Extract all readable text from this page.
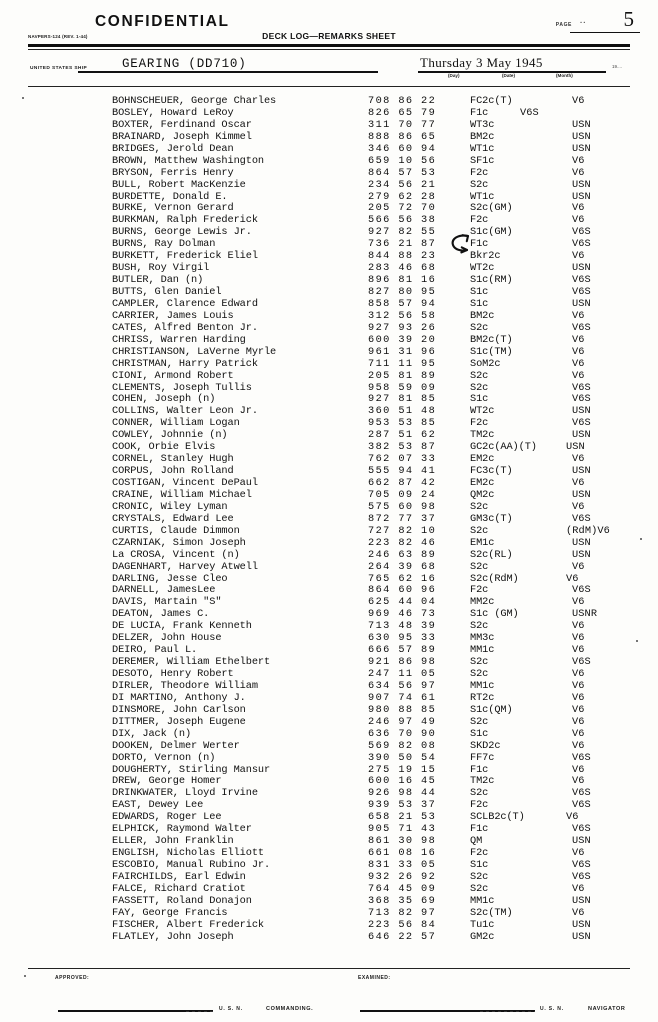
CONFIDENTIAL	PAGE ·· 5
NAVPERS-124 (REV. 1-44)	DECK LOG—REMARKS SHEET
UNITED STATES SHIP	GEARING (DD710)	Thursday 3 May 1945
(Day)	(Date)	(Month)
19....
BOHNSCHEUER, George Charles	708 86 22	FC2c(T)	V6
BOSLEY, Howard LeRoy	826 65 79	F1c	V6S
BOXTER, Ferdinand Oscar	311 70 77	WT3c	USN
BRAINARD, Joseph Kimmel	888 86 65	BM2c	USN
BRIDGES, Jerold Dean	346 60 94	WT1c	USN
BROWN, Matthew Washington	659 10 56	SF1c	V6
BRYSON, Ferris Henry	864 57 53	F2c	V6
BULL, Robert MacKenzie	234 56 21	S2c	USN
BURDETTE, Donald E.	279 62 28	WT1c	USN
BURKE, Vernon Gerard	205 72 70	S2c(GM)	V6
BURKMAN, Ralph Frederick	566 56 38	F2c	V6
BURNS, George Lewis Jr.	927 82 55	S1c(GM)	V6S
BURNS, Ray Dolman	736 21 87	F1c	V6S
BURKETT, Frederick Eliel	844 88 23	Bkr2c	V6
BUSH, Roy Virgil	283 46 68	WT2c	USN
BUTLER, Dan (n)	896 81 16	S1c(RM)	V6S
BUTTS, Glen Daniel	827 80 95	S1c	V6S
CAMPLER, Clarence Edward	858 57 94	S1c	USN
CARRIER, James Louis	312 56 58	BM2c	V6
CATES, Alfred Benton Jr.	927 93 26	S2c	V6S
CHRISS, Warren Harding	600 39 20	BM2c(T)	V6
CHRISTIANSON, LaVerne Myrle	961 31 96	S1c(TM)	V6
CHRISTMAN, Harry Patrick	711 11 95	SoM2c	V6
CIONI, Armond Robert	205 81 89	S2c	V6
CLEMENTS, Joseph Tullis	958 59 09	S2c	V6S
COHEN, Joseph (n)	927 81 85	S1c	V6S
COLLINS, Walter Leon Jr.	360 51 48	WT2c	USN
CONNER, William Logan	953 53 85	F2c	V6S
COWLEY, Johnnie (n)	287 51 62	TM2c	USN
COOK, Orbie Elvis	382 53 87	GC2c(AA)(T)	USN
CORNEL, Stanley Hugh	762 07 33	EM2c	V6
CORPUS, John Rolland	555 94 41	FC3c(T)	USN
COSTIGAN, Vincent DePaul	662 87 42	EM2c	V6
CRAINE, William Michael	705 09 24	QM2c	USN
CRONIC, Wiley Lyman	575 60 98	S2c	V6
CRYSTALS, Edward Lee	872 77 37	GM3c(T)	V6S
CURTIS, Claude Dimmon	727 82 10	S2c	(RdM)V6
CZARNIAK, Simon Joseph	223 82 46	EM1c	USN
La CROSA, Vincent (n)	246 63 89	S2c(RL)	USN
DAGENHART, Harvey Atwell	264 39 68	S2c	V6
DARLING, Jesse Cleo	765 62 16	S2c(RdM)	V6
DARNELL, JamesLee	864 60 96	F2c	V6S
DAVIS, Martain "S"	625 44 04	MM2c	V6
DEATON, James C.	969 46 73	S1c (GM)	USNR
DE LUCIA, Frank Kenneth	713 48 39	S2c	V6
DELZER, John House	630 95 33	MM3c	V6
DEIRO, Paul L.	666 57 89	MM1c	V6
DEREMER, William Ethelbert	921 86 98	S2c	V6S
DESOTO, Henry Robert	247 11 05	S2c	V6
DIRLER, Theodore William	634 56 97	MM1c	V6
DI MARTINO, Anthony J.	907 74 61	RT2c	V6
DINSMORE, John Carlson	980 88 85	S1c(QM)	V6
DITTMER, Joseph Eugene	246 97 49	S2c	V6
DIX, Jack (n)	636 70 90	S1c	V6
DOOKEN, Delmer Werter	569 82 08	SKD2c	V6
DORTO, Vernon (n)	390 50 54	FF7c	V6S
DOUGHERTY, Stirling Mansur	275 19 15	F1c	V6
DREW, George Homer	600 16 45	TM2c	V6
DRINKWATER, Lloyd Irvine	926 98 44	S2c	V6S
EAST, Dewey Lee	939 53 37	F2c	V6S
EDWARDS, Roger Lee	658 21 53	SCLB2c(T)	V6
ELPHICK, Raymond Walter	905 71 43	F1c	V6S
ELLER, John Franklin	861 30 98	QM	USN
ENGLISH, Nicholas Elliott	661 08 16	F2c	V6
ESCOBIO, Manual Rubino Jr.	831 33 05	S1c	V6S
FAIRCHILDS, Earl Edwin	932 26 92	S2c	V6S
FALCE, Richard Cratiot	764 45 09	S2c	V6
FASSETT, Roland Donajon	368 35 69	MM1c	USN
FAY, George Francis	713 82 97	S2c(TM)	V6
FISCHER, Albert Frederick	223 56 84	Tu1c	USN
FLATLEY, John Joseph	646 22 57	GM2c	USN
APPROVED:	EXAMINED:
U. S. N.	COMMANDING.	U. S. N.	NAVIGATOR
